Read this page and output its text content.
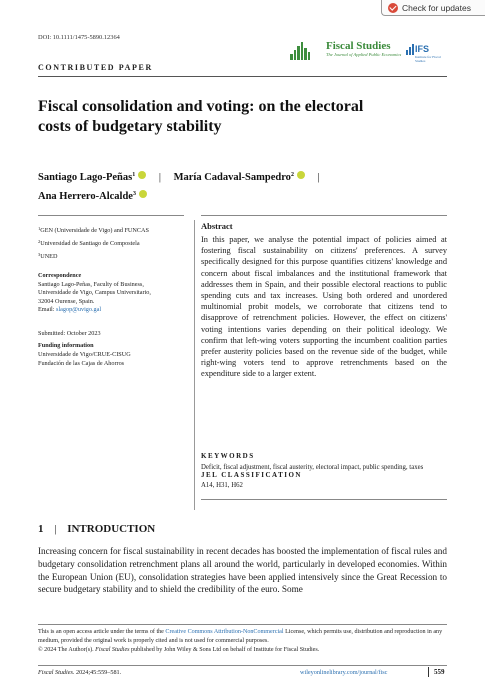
Check for updates
DOI: 10.1111/1475-5890.12364
Fiscal Studies
The Journal of Applied Public Economics
IFS
Institute for Fiscal Studies
CONTRIBUTED PAPER
Fiscal consolidation and voting: on the electoral
costs of budgetary stability
Santiago Lago-Peñas$^1$ iD | María Cadaval-Sampedro$^2$ iD |
Ana Herrero-Alcalde$^3$iD
$^1$GEN (Universidade de Vigo) and FUNCAS
$^2$Universidad de Santiago de Compostela
$^3$UNED
Correspondence
Santiago Lago-Peñas, Faculty of Business,
Universidade de Vigo, Campus Universitario,
32004 Ourense, Spain.
Email: slagop@uvigo.gal
Submitted: October 2023
Funding information
Universidade de Vigo/CRUE-CISUG
Fundación de las Cajas de Ahorros
Abstract
In this paper, we analyse the potential impact of policies aimed at fostering fiscal sustainability on citizens' preferences. A survey specifically designed for this purpose quantifies citizens' knowledge and concern about fiscal imbalances and the institutional framework that addresses them in Spain, and their possible electoral reactions to public spending cuts and tax increases. Using both ordered and unordered multinomial probit models, we corroborate that citizens tend to disapprove of retrenchment policies. However, the effect on citizens' voting intentions varies depending on their political ideology. We confirm that left-wing voters supporting the incumbent coalition parties prefer austerity policies based on the revenue side of the budget, while right-wing voters tend to approve retrenchments based on the expenditure side to a larger extent.
KEYWORDS
Deficit, fiscal adjustment, fiscal austerity, electoral impact, public spending, taxes
JEL CLASSIFICATION
A14, H31, H62
1 | INTRODUCTION
Increasing concern for fiscal sustainability in recent decades has boosted the implementation of fiscal rules and budgetary consolidation retrenchment plans all around the world, particularly in developed economies. Within the European Union (EU), consolidation strategies have been applied intensively since the Great Recession to secure budgetary stability and to shield the credibility of the euro. Some
This is an open access article under the terms of the Creative Commons Attribution-NonCommercial License, which permits use, distribution and reproduction in any medium, provided the original work is properly cited and is not used for commercial purposes.
© 2024 The Author(s). Fiscal Studies published by John Wiley & Sons Ltd on behalf of Institute for Fiscal Studies.
Fiscal Studies. 2024;45:559–581.	wileyonlinelibrary.com/journal/fisc	559
